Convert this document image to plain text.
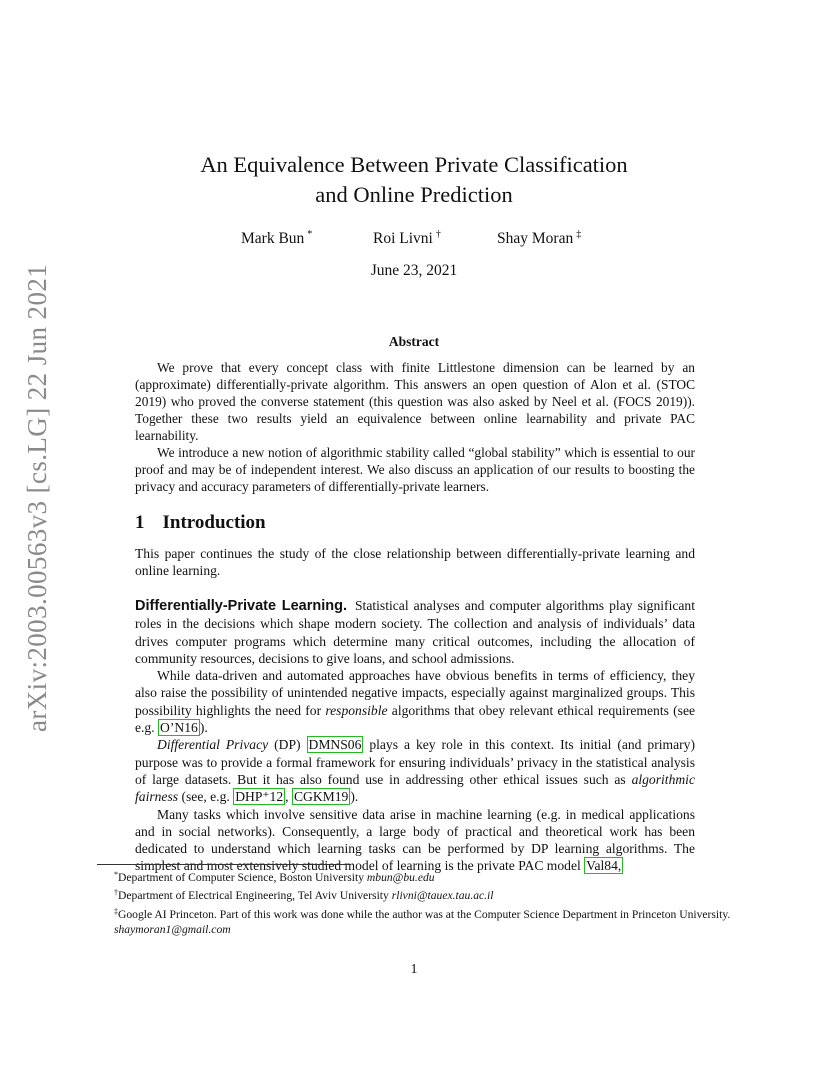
arXiv:2003.00563v3 [cs.LG] 22 Jun 2021
An Equivalence Between Private Classification
and Online Prediction
Mark Bun *	Roi Livni †	Shay Moran ‡
June 23, 2021
Abstract

We prove that every concept class with finite Littlestone dimension can be learned by an (approximate) differentially-private algorithm. This answers an open question of Alon et al. (STOC 2019) who proved the converse statement (this question was also asked by Neel et al. (FOCS 2019)). Together these two results yield an equivalence between online learnability and private PAC learnability.

We introduce a new notion of algorithmic stability called “global stability” which is essential to our proof and may be of independent interest. We also discuss an application of our results to boosting the privacy and accuracy parameters of differentially-private learners.

1 Introduction

This paper continues the study of the close relationship between differentially-private learning and online learning.

Differentially-Private Learning. Statistical analyses and computer algorithms play significant roles in the decisions which shape modern society. The collection and analysis of individuals’ data drives computer programs which determine many critical outcomes, including the allocation of community resources, decisions to give loans, and school admissions.

While data-driven and automated approaches have obvious benefits in terms of efficiency, they also raise the possibility of unintended negative impacts, especially against marginalized groups. This possibility highlights the need for responsible algorithms that obey relevant ethical requirements (see e.g. O’N16 ).

Differential Privacy (DP) DMNS06 plays a key role in this context. Its initial (and primary) purpose was to provide a formal framework for ensuring individuals’ privacy in the statistical analysis of large datasets. But it has also found use in addressing other ethical issues such as algorithmic fairness (see, e.g. DHP⁺12 , CGKM19 ).

Many tasks which involve sensitive data arise in machine learning (e.g. in medical applications and in social networks). Consequently, a large body of practical and theoretical work has been dedicated to understand which learning tasks can be performed by DP learning algorithms. The simplest and most extensively studied model of learning is the private PAC model Val84,

*Department of Computer Science, Boston University mbun@bu.edu

†Department of Electrical Engineering, Tel Aviv University rlivni@tauex.tau.ac.il

‡Google AI Princeton. Part of this work was done while the author was at the Computer Science Department in Princeton University. shaymoran1@gmail.com

1
